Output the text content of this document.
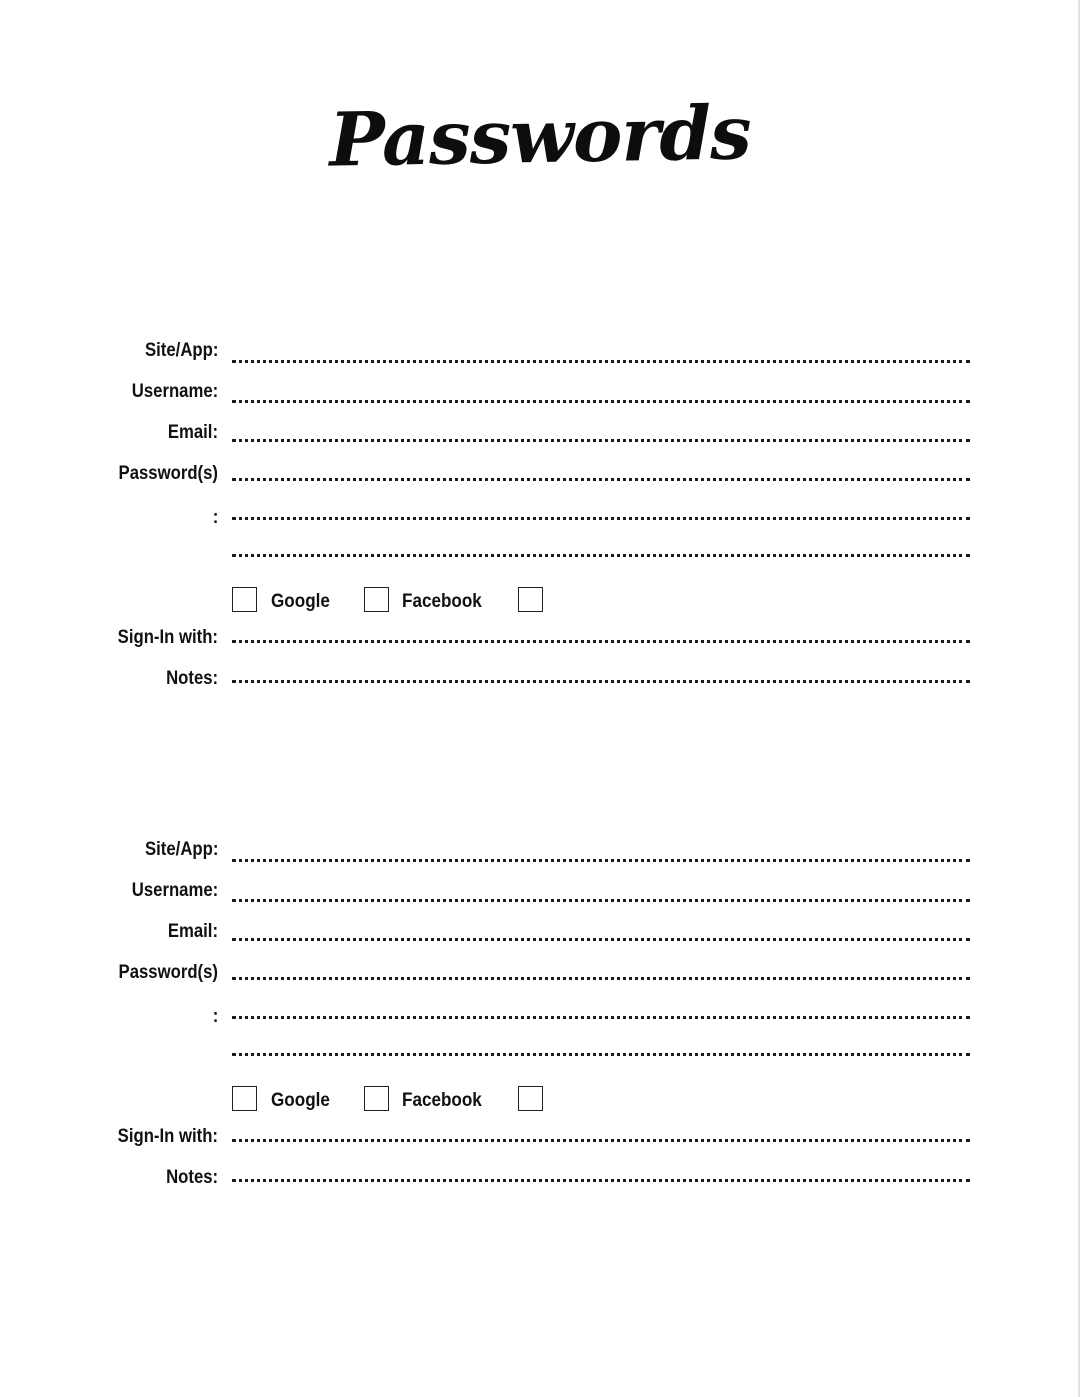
Passwords
Site/App:
Username:
Email:
Password(s)
:
Google	Facebook
Sign-In with:
Notes:
Site/App:
Username:
Email:
Password(s)
:
Google	Facebook
Sign-In with:
Notes:
